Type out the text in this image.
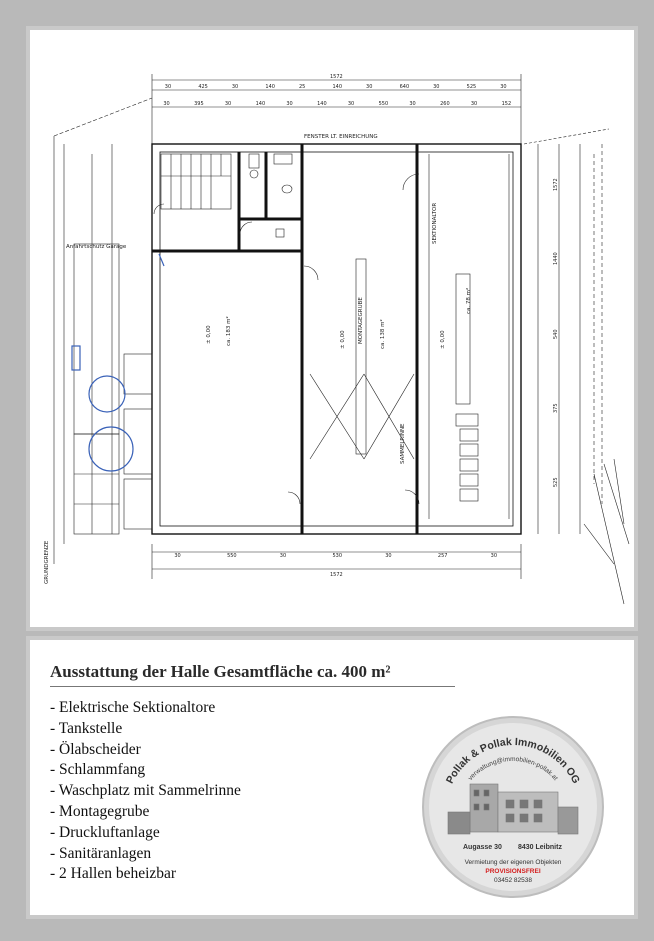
1572
1572
30	425	30	140	25	140	30	640	30	525	30
30	395	30	140	30	140	30	550	30	260	30	152
30	550	30	530	30	257	30
1572
1440
540
375
525
FENSTER LT. EINREICHUNG
Anfahrtschutz Garage
GRUNDGRENZE
ca. 183 m²	ca. 138 m²
ca. 78 m²
SEKTIONALTOR
MONTAGEGRUBE
SAMMELRINNE
± 0,00	± 0,00	± 0,00
Ausstattung der Halle Gesamtfläche ca. 400 m²
- Elektrische Sektionaltore
- Tankstelle
- Ölabscheider
- Schlammfang
- Waschplatz mit Sammelrinne
- Montagegrube
- Druckluftanlage
- Sanitäranlagen
- 2 Hallen beheizbar
Pollak & Pollak Immobilien OG
verwaltung@immobilien-pollak.at
Augasse 30 8430 Leibnitz
Vermietung der eigenen Objekten
PROVISIONSFREI
03452 82538
